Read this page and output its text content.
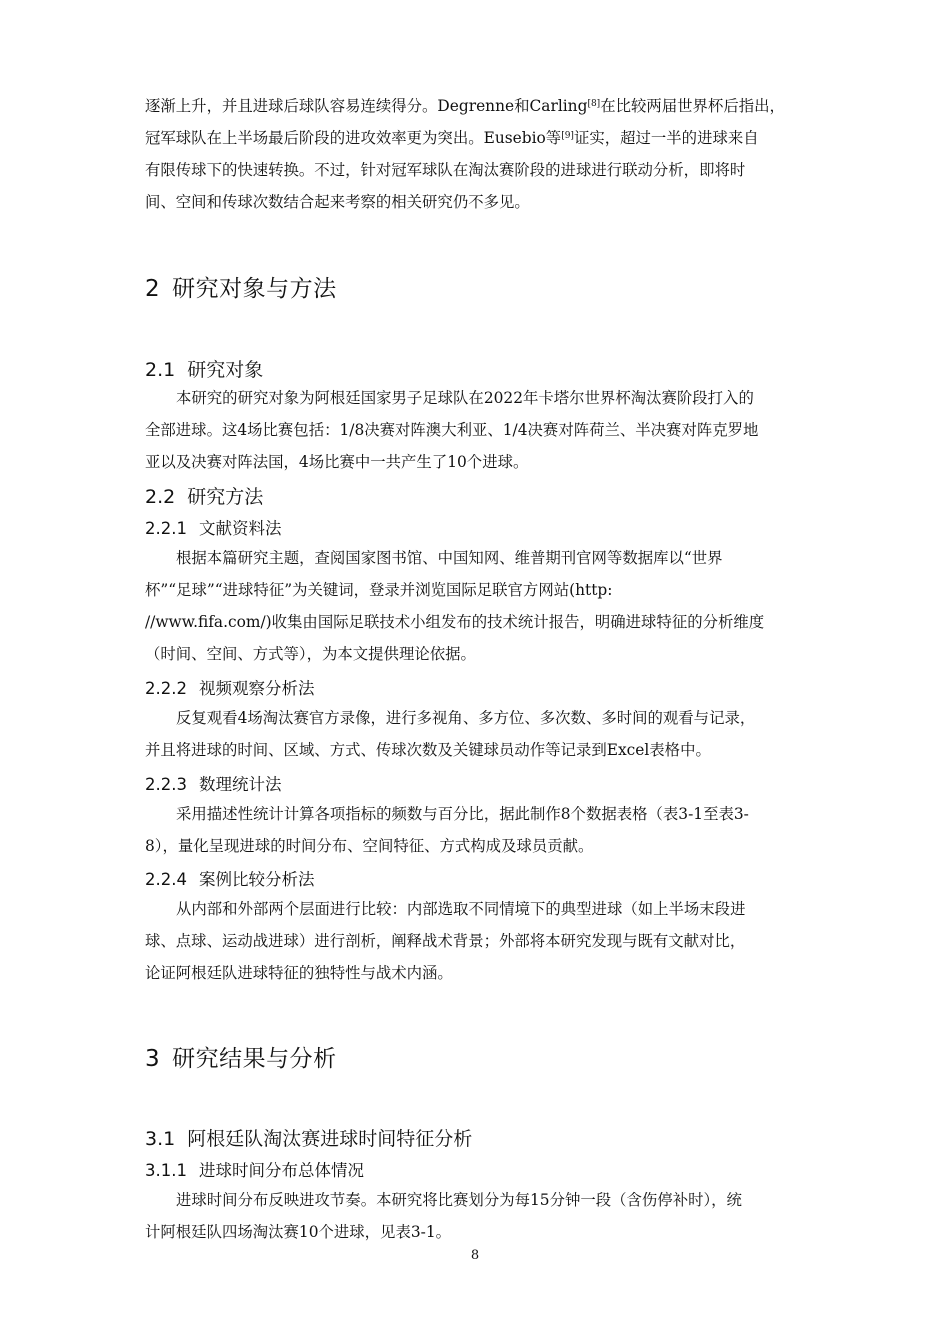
逐渐上升，并且进球后球队容易连续得分。Degrenne和Carling[8]在比较两届世界杯后指出，
冠军球队在上半场最后阶段的进攻效率更为突出。Eusebio等[9]证实，超过一半的进球来自
有限传球下的快速转换。不过，针对冠军球队在淘汰赛阶段的进球进行联动分析，即将时
间、空间和传球次数结合起来考察的相关研究仍不多见。
2 研究对象与方法
2.1 研究对象
本研究的研究对象为阿根廷国家男子足球队在2022年卡塔尔世界杯淘汰赛阶段打入的
全部进球。这4场比赛包括：1/8决赛对阵澳大利亚、1/4决赛对阵荷兰、半决赛对阵克罗地
亚以及决赛对阵法国，4场比赛中一共产生了10个进球。
2.2 研究方法
2.2.1 文献资料法
根据本篇研究主题，查阅国家图书馆、中国知网、维普期刊官网等数据库以“世界
杯”“足球”“进球特征”为关键词，登录并浏览国际足联官方网站(http:
//www.fifa.com/)收集由国际足联技术小组发布的技术统计报告，明确进球特征的分析维度
（时间、空间、方式等），为本文提供理论依据。
2.2.2 视频观察分析法
反复观看4场淘汰赛官方录像，进行多视角、多方位、多次数、多时间的观看与记录，
并且将进球的时间、区域、方式、传球次数及关键球员动作等记录到Excel表格中。
2.2.3 数理统计法
采用描述性统计计算各项指标的频数与百分比，据此制作8个数据表格（表3-1至表3-
8），量化呈现进球的时间分布、空间特征、方式构成及球员贡献。
2.2.4 案例比较分析法
从内部和外部两个层面进行比较：内部选取不同情境下的典型进球（如上半场末段进
球、点球、运动战进球）进行剖析，阐释战术背景；外部将本研究发现与既有文献对比，
论证阿根廷队进球特征的独特性与战术内涵。
3 研究结果与分析
3.1 阿根廷队淘汰赛进球时间特征分析
3.1.1 进球时间分布总体情况
进球时间分布反映进攻节奏。本研究将比赛划分为每15分钟一段（含伤停补时），统
计阿根廷队四场淘汰赛10个进球，见表3-1。
8
